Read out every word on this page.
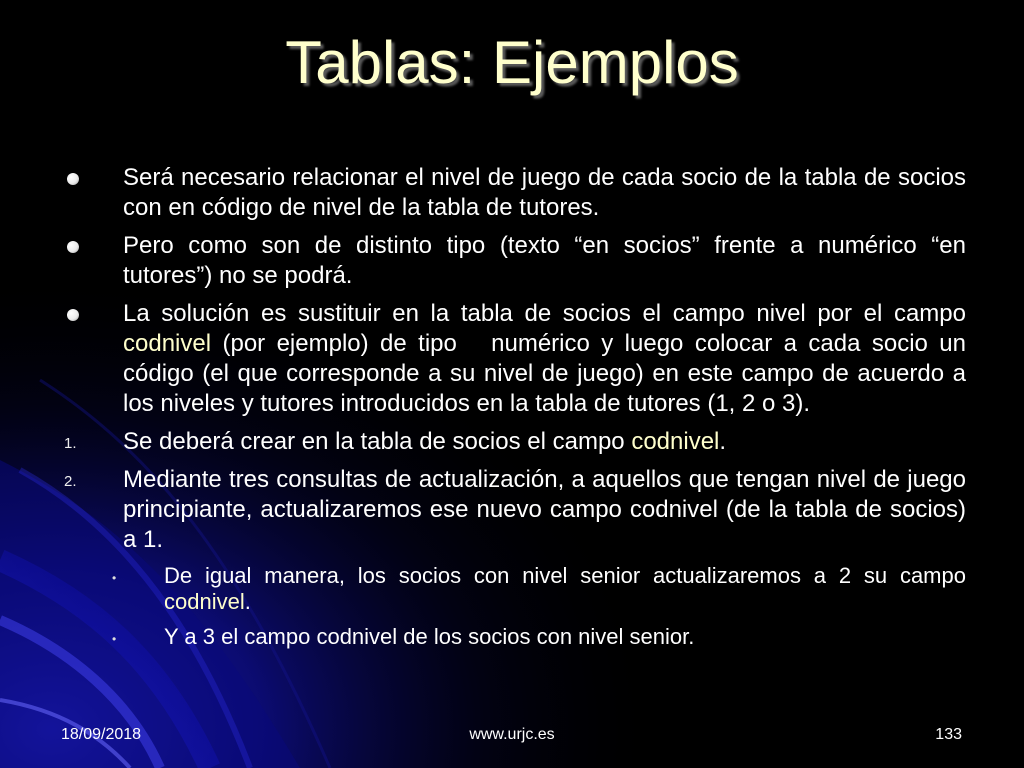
Tablas: Ejemplos
Será necesario relacionar el nivel de juego de cada socio de la tabla de socios con en código de nivel de la tabla de tutores.
Pero como son de distinto tipo (texto “en socios” frente a numérico “en tutores”) no se podrá.
La solución es sustituir en la tabla de socios el campo nivel por el campo codnivel (por ejemplo) de tipo   numérico y luego colocar a cada socio un código (el que corresponde a su nivel de juego) en este campo de acuerdo a los niveles y tutores introducidos en la tabla de tutores (1, 2 o 3).
1. Se deberá crear en la tabla de socios el campo codnivel.
2. Mediante tres consultas de actualización, a aquellos que tengan nivel de juego principiante, actualizaremos ese nuevo campo codnivel (de la tabla de socios) a 1.
• De igual manera, los socios con nivel senior actualizaremos a 2 su campo codnivel.
• Y a 3 el campo codnivel de los socios con nivel senior.
18/09/2018	www.urjc.es	133
